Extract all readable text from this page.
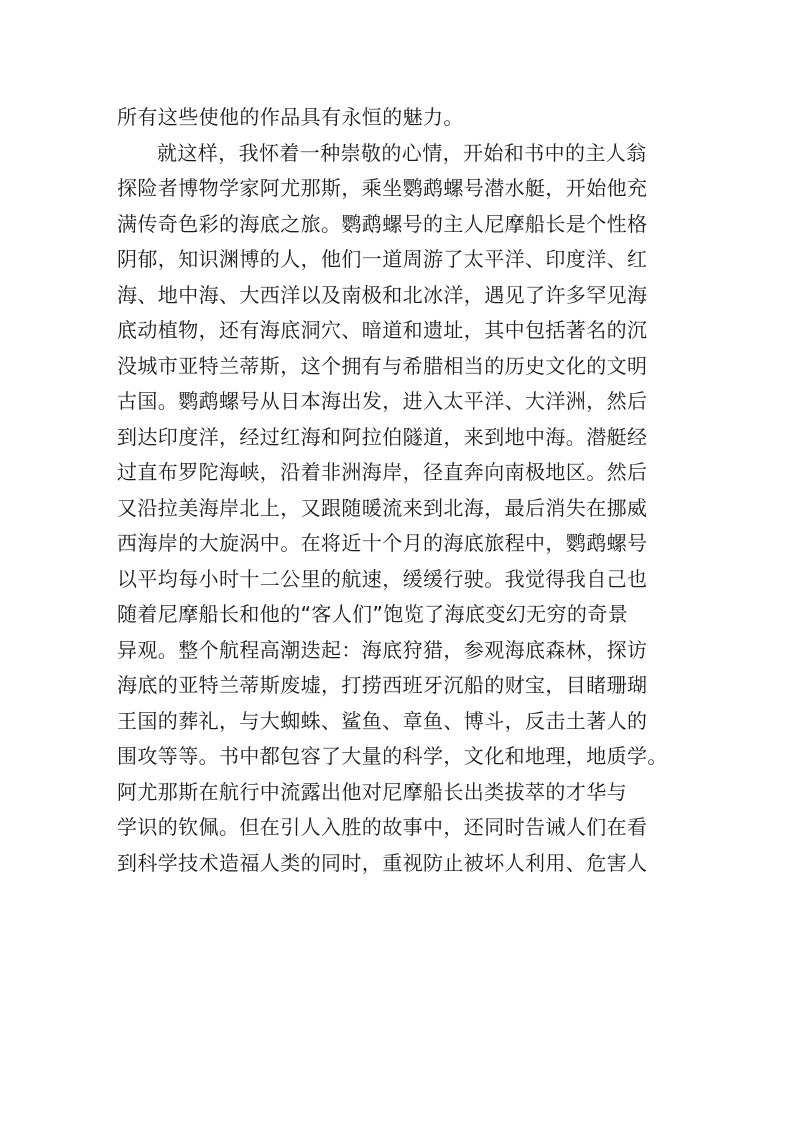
所有这些使他的作品具有永恒的魅力。
就这样，我怀着一种崇敬的心情，开始和书中的主人翁
探险者博物学家阿尤那斯，乘坐鹦鹉螺号潜水艇，开始他充
满传奇色彩的海底之旅。鹦鹉螺号的主人尼摩船长是个性格
阴郁，知识渊博的人，他们一道周游了太平洋、印度洋、红
海、地中海、大西洋以及南极和北冰洋，遇见了许多罕见海
底动植物，还有海底洞穴、暗道和遗址，其中包括著名的沉
没城市亚特兰蒂斯，这个拥有与希腊相当的历史文化的文明
古国。鹦鹉螺号从日本海出发，进入太平洋、大洋洲，然后
到达印度洋，经过红海和阿拉伯隧道，来到地中海。潜艇经
过直布罗陀海峡，沿着非洲海岸，径直奔向南极地区。然后
又沿拉美海岸北上，又跟随暖流来到北海，最后消失在挪威
西海岸的大旋涡中。在将近十个月的海底旅程中，鹦鹉螺号
以平均每小时十二公里的航速，缓缓行驶。我觉得我自己也
随着尼摩船长和他的“客人们”饱览了海底变幻无穷的奇景
异观。整个航程高潮迭起：海底狩猎，参观海底森林，探访
海底的亚特兰蒂斯废墟，打捞西班牙沉船的财宝，目睹珊瑚
王国的葬礼，与大蜘蛛、鲨鱼、章鱼、博斗，反击土著人的
围攻等等。书中都包容了大量的科学，文化和地理，地质学。
阿尤那斯在航行中流露出他对尼摩船长出类拔萃的才华与
学识的钦佩。但在引人入胜的故事中，还同时告诫人们在看
到科学技术造福人类的同时，重视防止被坏人利用、危害人
